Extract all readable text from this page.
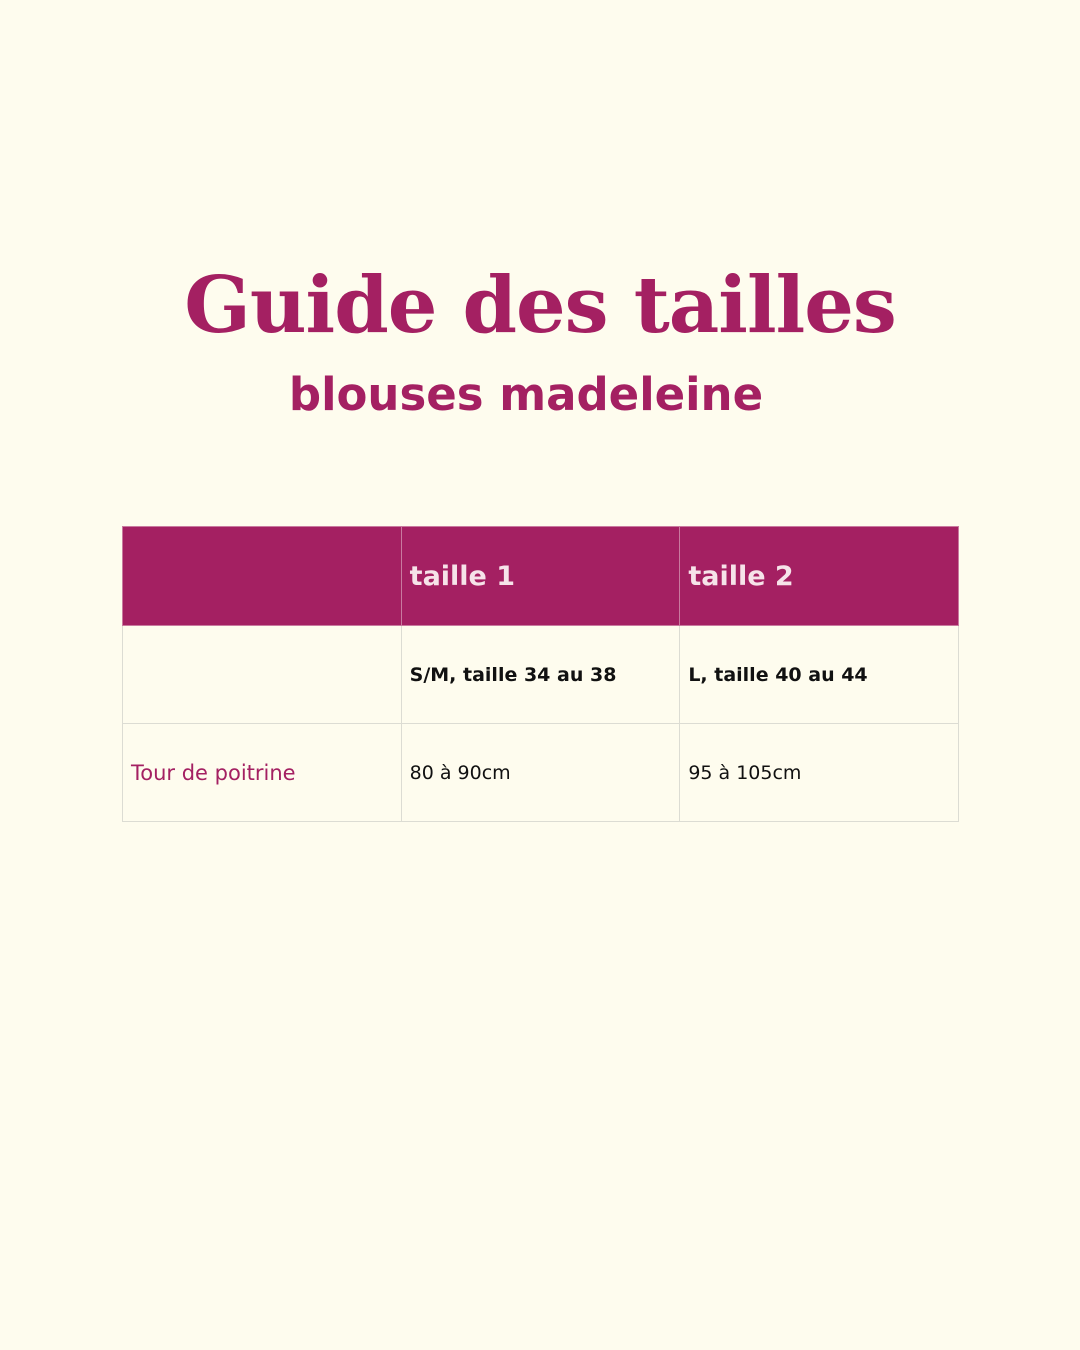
Guide des tailles
blouses madeleine
	taille 1	taille 2
	S/M, taille 34 au 38	L, taille 40 au 44
Tour de poitrine	80 à 90cm	95 à 105cm
